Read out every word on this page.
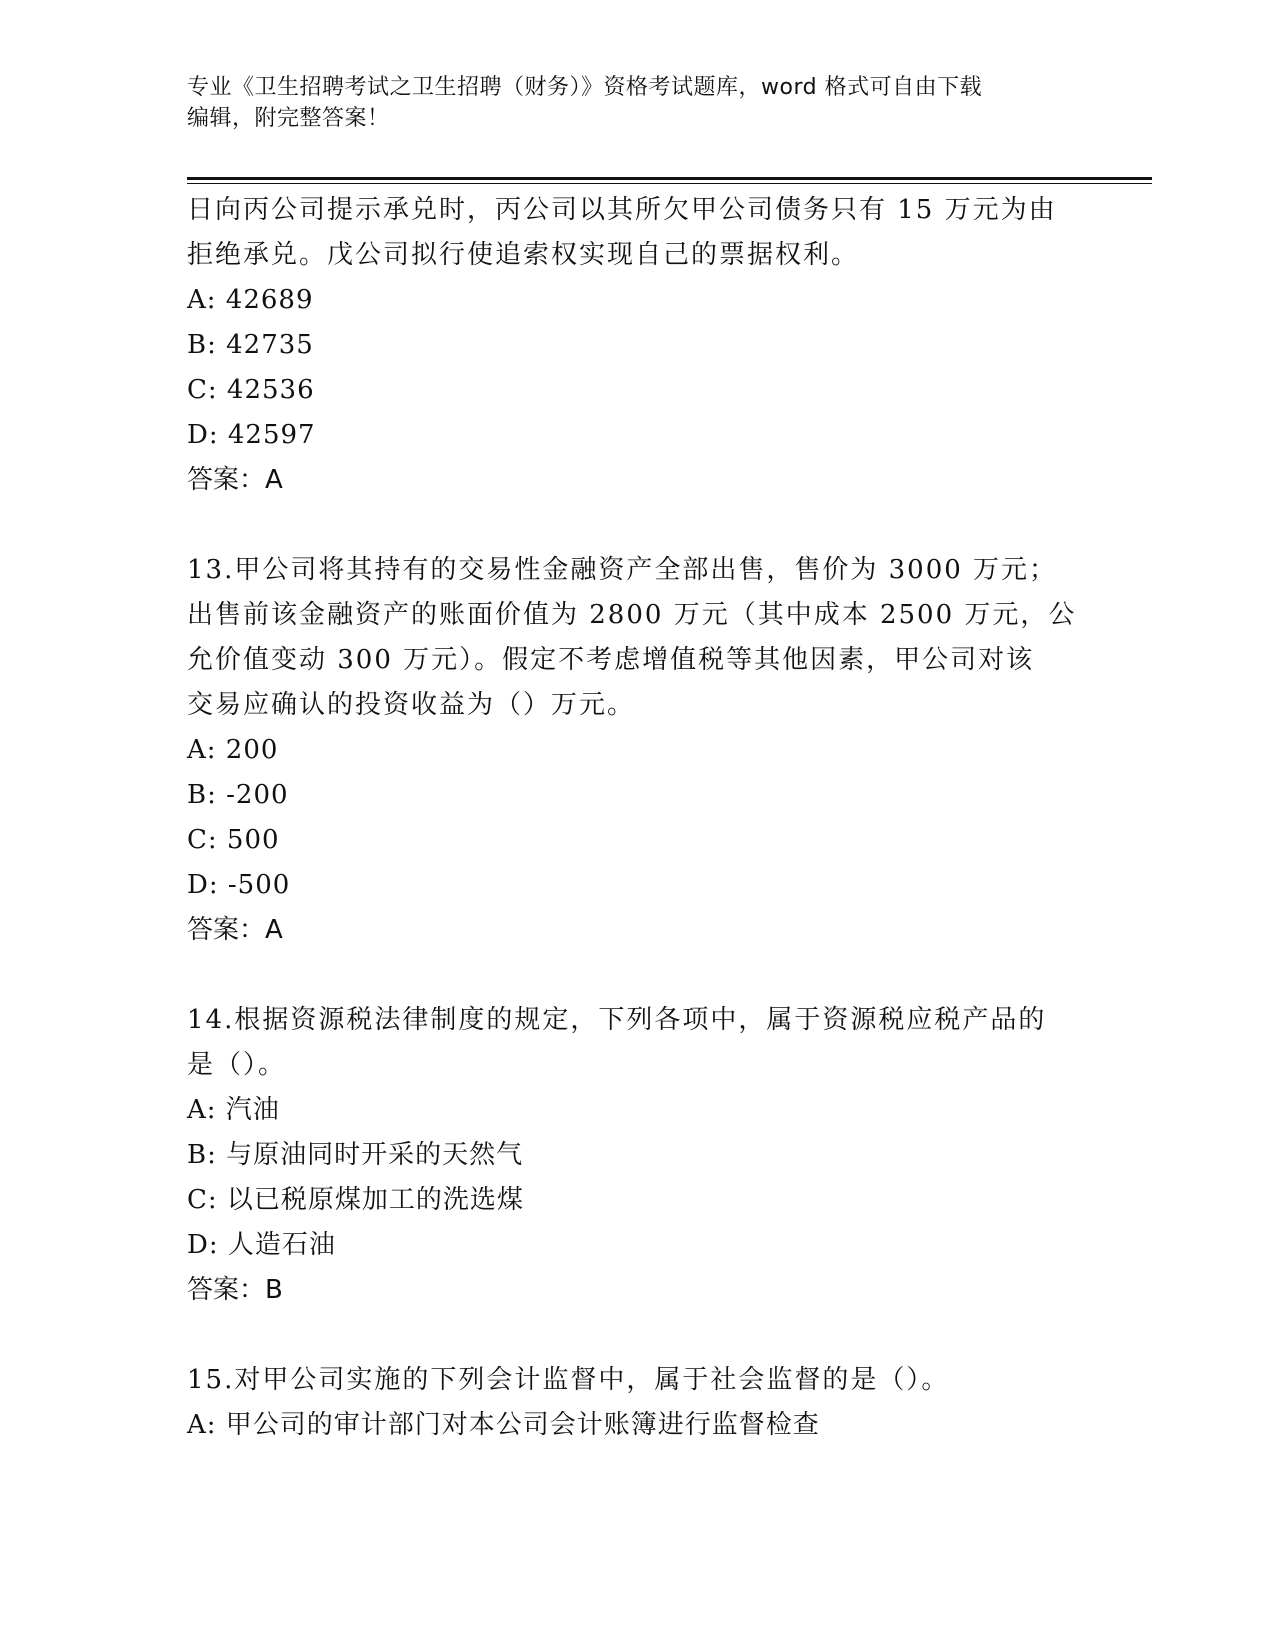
专业《卫生招聘考试之卫生招聘（财务）》资格考试题库，word 格式可自由下载
编辑，附完整答案！

日向丙公司提示承兑时，丙公司以其所欠甲公司债务只有 15 万元为由

拒绝承兑。戊公司拟行使追索权实现自己的票据权利。

A: 42689

B: 42735

C: 42536

D: 42597

答案：A

13.甲公司将其持有的交易性金融资产全部出售，售价为 3000 万元；

出售前该金融资产的账面价值为 2800 万元（其中成本 2500 万元，公

允价值变动 300 万元）。假定不考虑增值税等其他因素，甲公司对该

交易应确认的投资收益为（）万元。

A: 200

B: -200

C: 500

D: -500

答案：A

14.根据资源税法律制度的规定，下列各项中，属于资源税应税产品的

是（）。

A: 汽油

B: 与原油同时开采的天然气

C: 以已税原煤加工的洗选煤

D: 人造石油

答案：B

15.对甲公司实施的下列会计监督中，属于社会监督的是（）。

A: 甲公司的审计部门对本公司会计账簿进行监督检查
